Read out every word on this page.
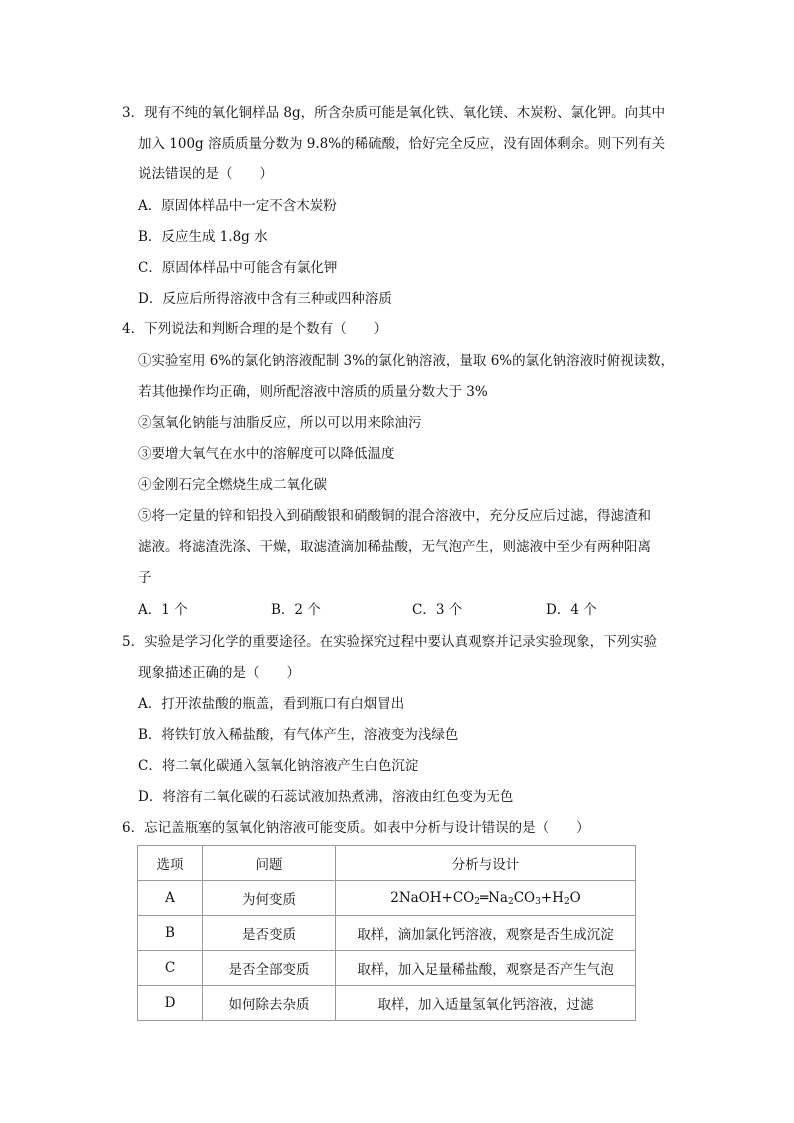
3．现有不纯的氧化铜样品 8g，所含杂质可能是氧化铁、氧化镁、木炭粉、氯化钾。向其中
加入 100g 溶质质量分数为 9.8%的稀硫酸，恰好完全反应，没有固体剩余。则下列有关
说法错误的是（　　）
A．原固体样品中一定不含木炭粉
B．反应生成 1.8g 水
C．原固体样品中可能含有氯化钾
D．反应后所得溶液中含有三种或四种溶质
4．下列说法和判断合理的是个数有（　　）
①实验室用 6%的氯化钠溶液配制 3%的氯化钠溶液，量取 6%的氯化钠溶液时俯视读数，
若其他操作均正确，则所配溶液中溶质的质量分数大于 3%
②氢氧化钠能与油脂反应，所以可以用来除油污
③要增大氧气在水中的溶解度可以降低温度
④金刚石完全燃烧生成二氧化碳
⑤将一定量的锌和铝投入到硝酸银和硝酸铜的混合溶液中，充分反应后过滤，得滤渣和
滤液。将滤渣洗涤、干燥，取滤渣滴加稀盐酸，无气泡产生，则滤液中至少有两种阳离
子
A．1 个	B．2 个	C．3 个	D．4 个
5．实验是学习化学的重要途径。在实验探究过程中要认真观察并记录实验现象，下列实验
现象描述正确的是（　　）
A．打开浓盐酸的瓶盖，看到瓶口有白烟冒出
B．将铁钉放入稀盐酸，有气体产生，溶液变为浅绿色
C．将二氧化碳通入氢氧化钠溶液产生白色沉淀
D．将溶有二氧化碳的石蕊试液加热煮沸，溶液由红色变为无色
6．忘记盖瓶塞的氢氧化钠溶液可能变质。如表中分析与设计错误的是（　　）
选项	问题	分析与设计
A	为何变质	$2NaOH+CO_2═Na_2CO_3+H_2O$
B	是否变质	取样，滴加氯化钙溶液，观察是否生成沉淀
C	是否全部变质	取样，加入足量稀盐酸，观察是否产生气泡
D	如何除去杂质	取样，加入适量氢氧化钙溶液，过滤
